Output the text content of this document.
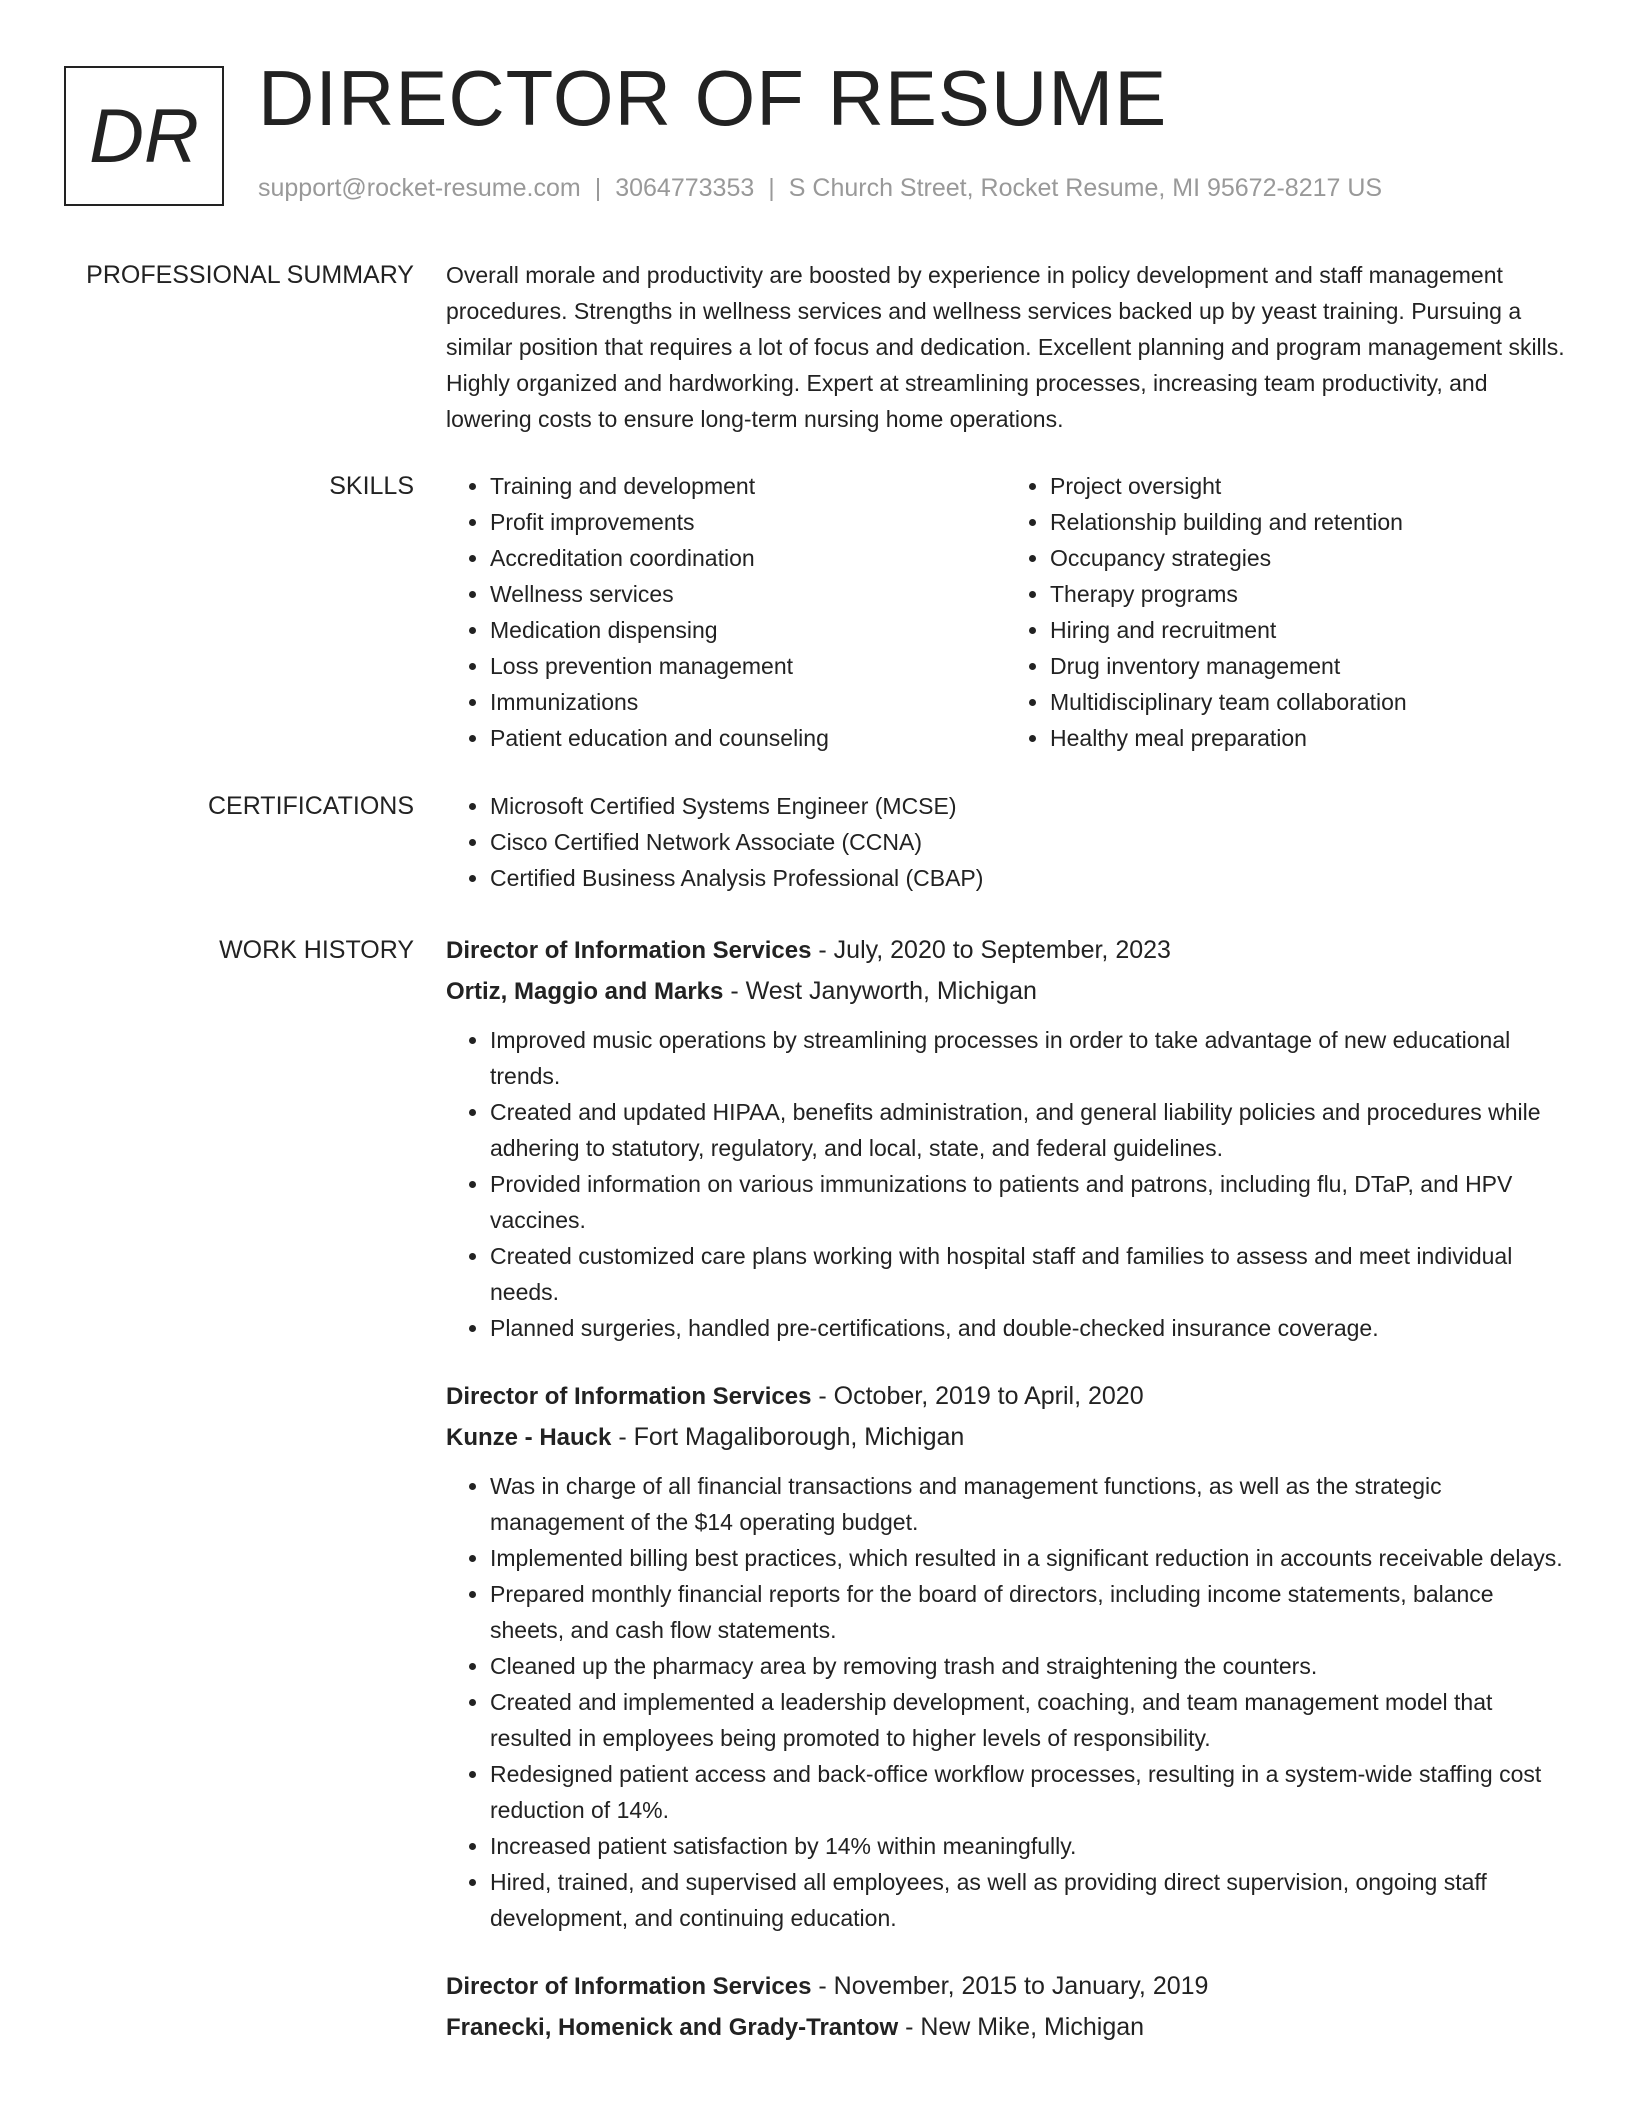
DR DIRECTOR OF RESUME
support@rocket-resume.com | 3064773353 | S Church Street, Rocket Resume, MI 95672-8217 US
PROFESSIONAL SUMMARY Overall morale and productivity are boosted by experience in policy development and staff management procedures. Strengths in wellness services and wellness services backed up by yeast training. Pursuing a similar position that requires a lot of focus and dedication. Excellent planning and program management skills. Highly organized and hardworking. Expert at streamlining processes, increasing team productivity, and lowering costs to ensure long-term nursing home operations.

SKILLS	• Training and development
• Profit improvements
• Accreditation coordination
• Wellness services
• Medication dispensing
• Loss prevention management
• Immunizations
• Patient education and counseling
• Project oversight
• Relationship building and retention
• Occupancy strategies
• Therapy programs
• Hiring and recruitment
• Drug inventory management
• Multidisciplinary team collaboration
• Healthy meal preparation
CERTIFICATIONS	• Microsoft Certified Systems Engineer (MCSE)
• Cisco Certified Network Associate (CCNA)
• Certified Business Analysis Professional (CBAP)
WORK HISTORY Director of Information Services - July, 2020 to September, 2023
Ortiz, Maggio and Marks - West Janyworth, Michigan
• Improved music operations by streamlining processes in order to take advantage of new educational trends.
• Created and updated HIPAA, benefits administration, and general liability policies and procedures while adhering to statutory, regulatory, and local, state, and federal guidelines.
• Provided information on various immunizations to patients and patrons, including flu, DTaP, and HPV vaccines.
• Created customized care plans working with hospital staff and families to assess and meet individual needs.
• Planned surgeries, handled pre-certifications, and double-checked insurance coverage.
Director of Information Services - October, 2019 to April, 2020
Kunze - Hauck - Fort Magaliborough, Michigan
• Was in charge of all financial transactions and management functions, as well as the strategic management of the $14 operating budget.
• Implemented billing best practices, which resulted in a significant reduction in accounts receivable delays.
• Prepared monthly financial reports for the board of directors, including income statements, balance sheets, and cash flow statements.
• Cleaned up the pharmacy area by removing trash and straightening the counters.
• Created and implemented a leadership development, coaching, and team management model that resulted in employees being promoted to higher levels of responsibility.
• Redesigned patient access and back-office workflow processes, resulting in a system-wide staffing cost reduction of 14%.
• Increased patient satisfaction by 14% within meaningfully.
• Hired, trained, and supervised all employees, as well as providing direct supervision, ongoing staff development, and continuing education.
Director of Information Services - November, 2015 to January, 2019
Franecki, Homenick and Grady-Trantow - New Mike, Michigan
